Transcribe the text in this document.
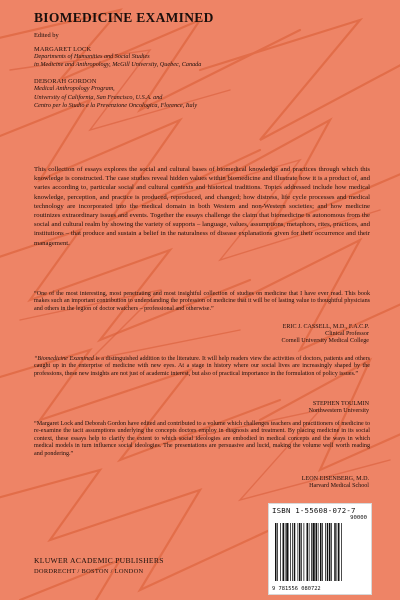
BIOMEDICINE EXAMINED
Edited by
MARGARET LOCK
Departments of Humanities and Social Studies
in Medicine and Anthropology, McGill University, Quebec, Canada
DEBORAH GORDON
Medical Anthropology Program,
University of California, San Francisco, U.S.A. and
Centro per lo Studio e la Prevenzione Oncologica, Florence, Italy
This collection of essays explores the social and cultural bases of biomedical knowledge and practices through which this knowledge is constructed. The case studies reveal hidden values within biomedicine and illustrate how it is a product of, and varies according to, particular social and cultural contexts and historical traditions. Topics addressed include how medical knowledge, perception, and practice is produced, reproduced, and changed; how distress, life cycle processes and medical technology are incorporated into the medical domain in both Western and non-Western societies; and how medicine routinizes extraordinary issues and events. Together the essays challenge the claim that biomedicine is autonomous from the social and cultural realm by showing the variety of supports – language, values, assumptions, metaphors, rites, practices, and institutions – that produce and sustain a belief in the naturalness of disease explanations given for their occurrence and their management.
“One of the most interesting, most penetrating and most insightful collection of studies on medicine that I have ever read. This book makes such an important contribution to understanding the profession of medicine that it will be of lasting value to thoughtful physicians and others in the legion of doctor watchers – professional and otherwise.”
ERIC J. CASSELL, M.D., F.A.C.P.
Clinical Professor
Cornell University Medical College
“Biomedicine Examined is a distinguished addition to the literature. It will help readers view the activities of doctors, patients and others caught up in the enterprise of medicine with new eyes. At a stage in history where our social lives are increasingly shaped by the professions, these new insights are not just of academic interest, but also of practical importance in the formulation of policy issues.”
STEPHEN TOULMIN
Northwestern University
“Margaret Lock and Deborah Gordon have edited and contributed to a volume which challenges teachers and practitioners of medicine to re-examine the tacit assumptions underlying the concepts doctors employ in diagnosis and treatment. By placing medicine in its social context, these essays help to clarify the extent to which social ideologies are embodied in medical concepts and the ways in which medical models in turn influence social ideologies. The presentations are persuasive and lucid, making the volume well worth reading and pondering.”
LEON EISENBERG, M.D.
Harvard Medical School
KLUWER ACADEMIC PUBLISHERS
DORDRECHT / BOSTON / LONDON
ISBN 1-55608-072-7
90000
9 781556 080722
